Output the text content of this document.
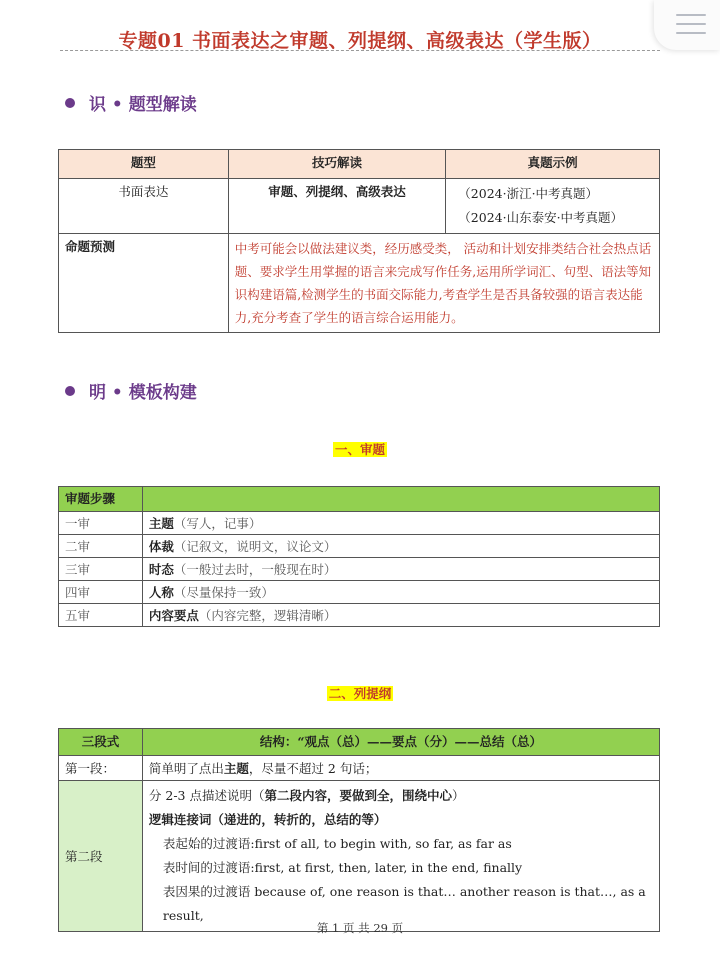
专题01 书面表达之审题、列提纲、高级表达（学生版）
识 • 题型解读
题型	技巧解读	真题示例
书面表达	审题、列提纲、高级表达	（2024·浙江·中考真题）
（2024·山东泰安·中考真题）

命题预测	中考可能会以做法建议类，经历感受类， 活动和计划安排类结合社会热点话题、要求学生用掌握的语言来完成写作任务,运用所学词汇、句型、语法等知识构建语篇,检测学生的书面交际能力,考查学生是否具备较强的语言表达能力,充分考查了学生的语言综合运用能力。	
明 • 模板构建
一、审题
审题步骤	
一审	主题（写人，记事）
二审	体裁（记叙文，说明文，议论文）
三审	时态（一般过去时，一般现在时）
四审	人称（尽量保持一致）
五审	内容要点（内容完整，逻辑清晰）
二、列提纲
三段式	结构：“观点（总）——要点（分）——总结（总）
第一段：	简单明了点出主题，尽量不超过 2 句话；
第二段	分 2-3 点描述说明（第二段内容，要做到全，围绕中心）
逻辑连接词（递进的，转折的，总结的等）
表起始的过渡语:first of all, to begin with, so far, as far as
表时间的过渡语:first, at first, then, later, in the end, finally
表因果的过渡语 because of, one reason is that… another reason is that…, as a result,
第 1 页 共 29 页
